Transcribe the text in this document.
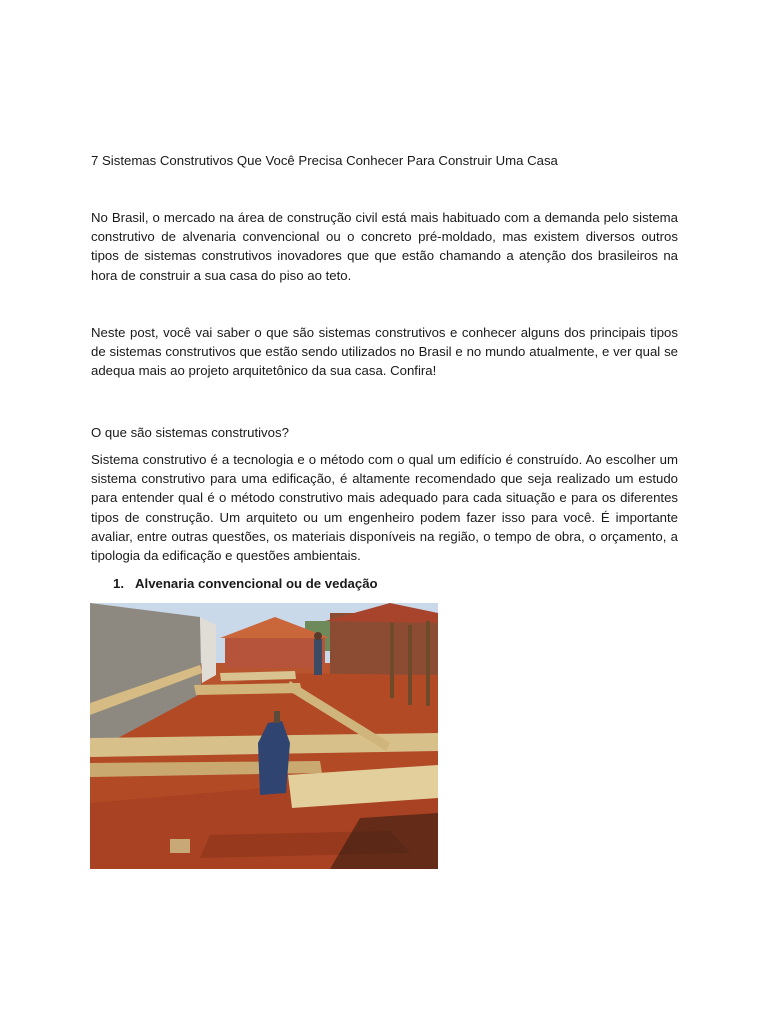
7 Sistemas Construtivos Que Você Precisa Conhecer Para Construir Uma Casa
No Brasil, o mercado na área de construção civil está mais habituado com a demanda pelo sistema construtivo de alvenaria convencional ou o concreto pré-moldado, mas existem diversos outros tipos de sistemas construtivos inovadores que que estão chamando a atenção dos brasileiros na hora de construir a sua casa do piso ao teto.
Neste post, você vai saber o que são sistemas construtivos e conhecer alguns dos principais tipos de sistemas construtivos que estão sendo utilizados no Brasil e no mundo atualmente, e ver qual se adequa mais ao projeto arquitetônico da sua casa. Confira!
O que são sistemas construtivos?
Sistema construtivo é a tecnologia e o método com o qual um edifício é construído. Ao escolher um sistema construtivo para uma edificação, é altamente recomendado que seja realizado um estudo para entender qual é o método construtivo mais adequado para cada situação e para os diferentes tipos de construção. Um arquiteto ou um engenheiro podem fazer isso para você. É importante avaliar, entre outras questões, os materiais disponíveis na região, o tempo de obra, o orçamento, a tipologia da edificação e questões ambientais.
1. Alvenaria convencional ou de vedação
